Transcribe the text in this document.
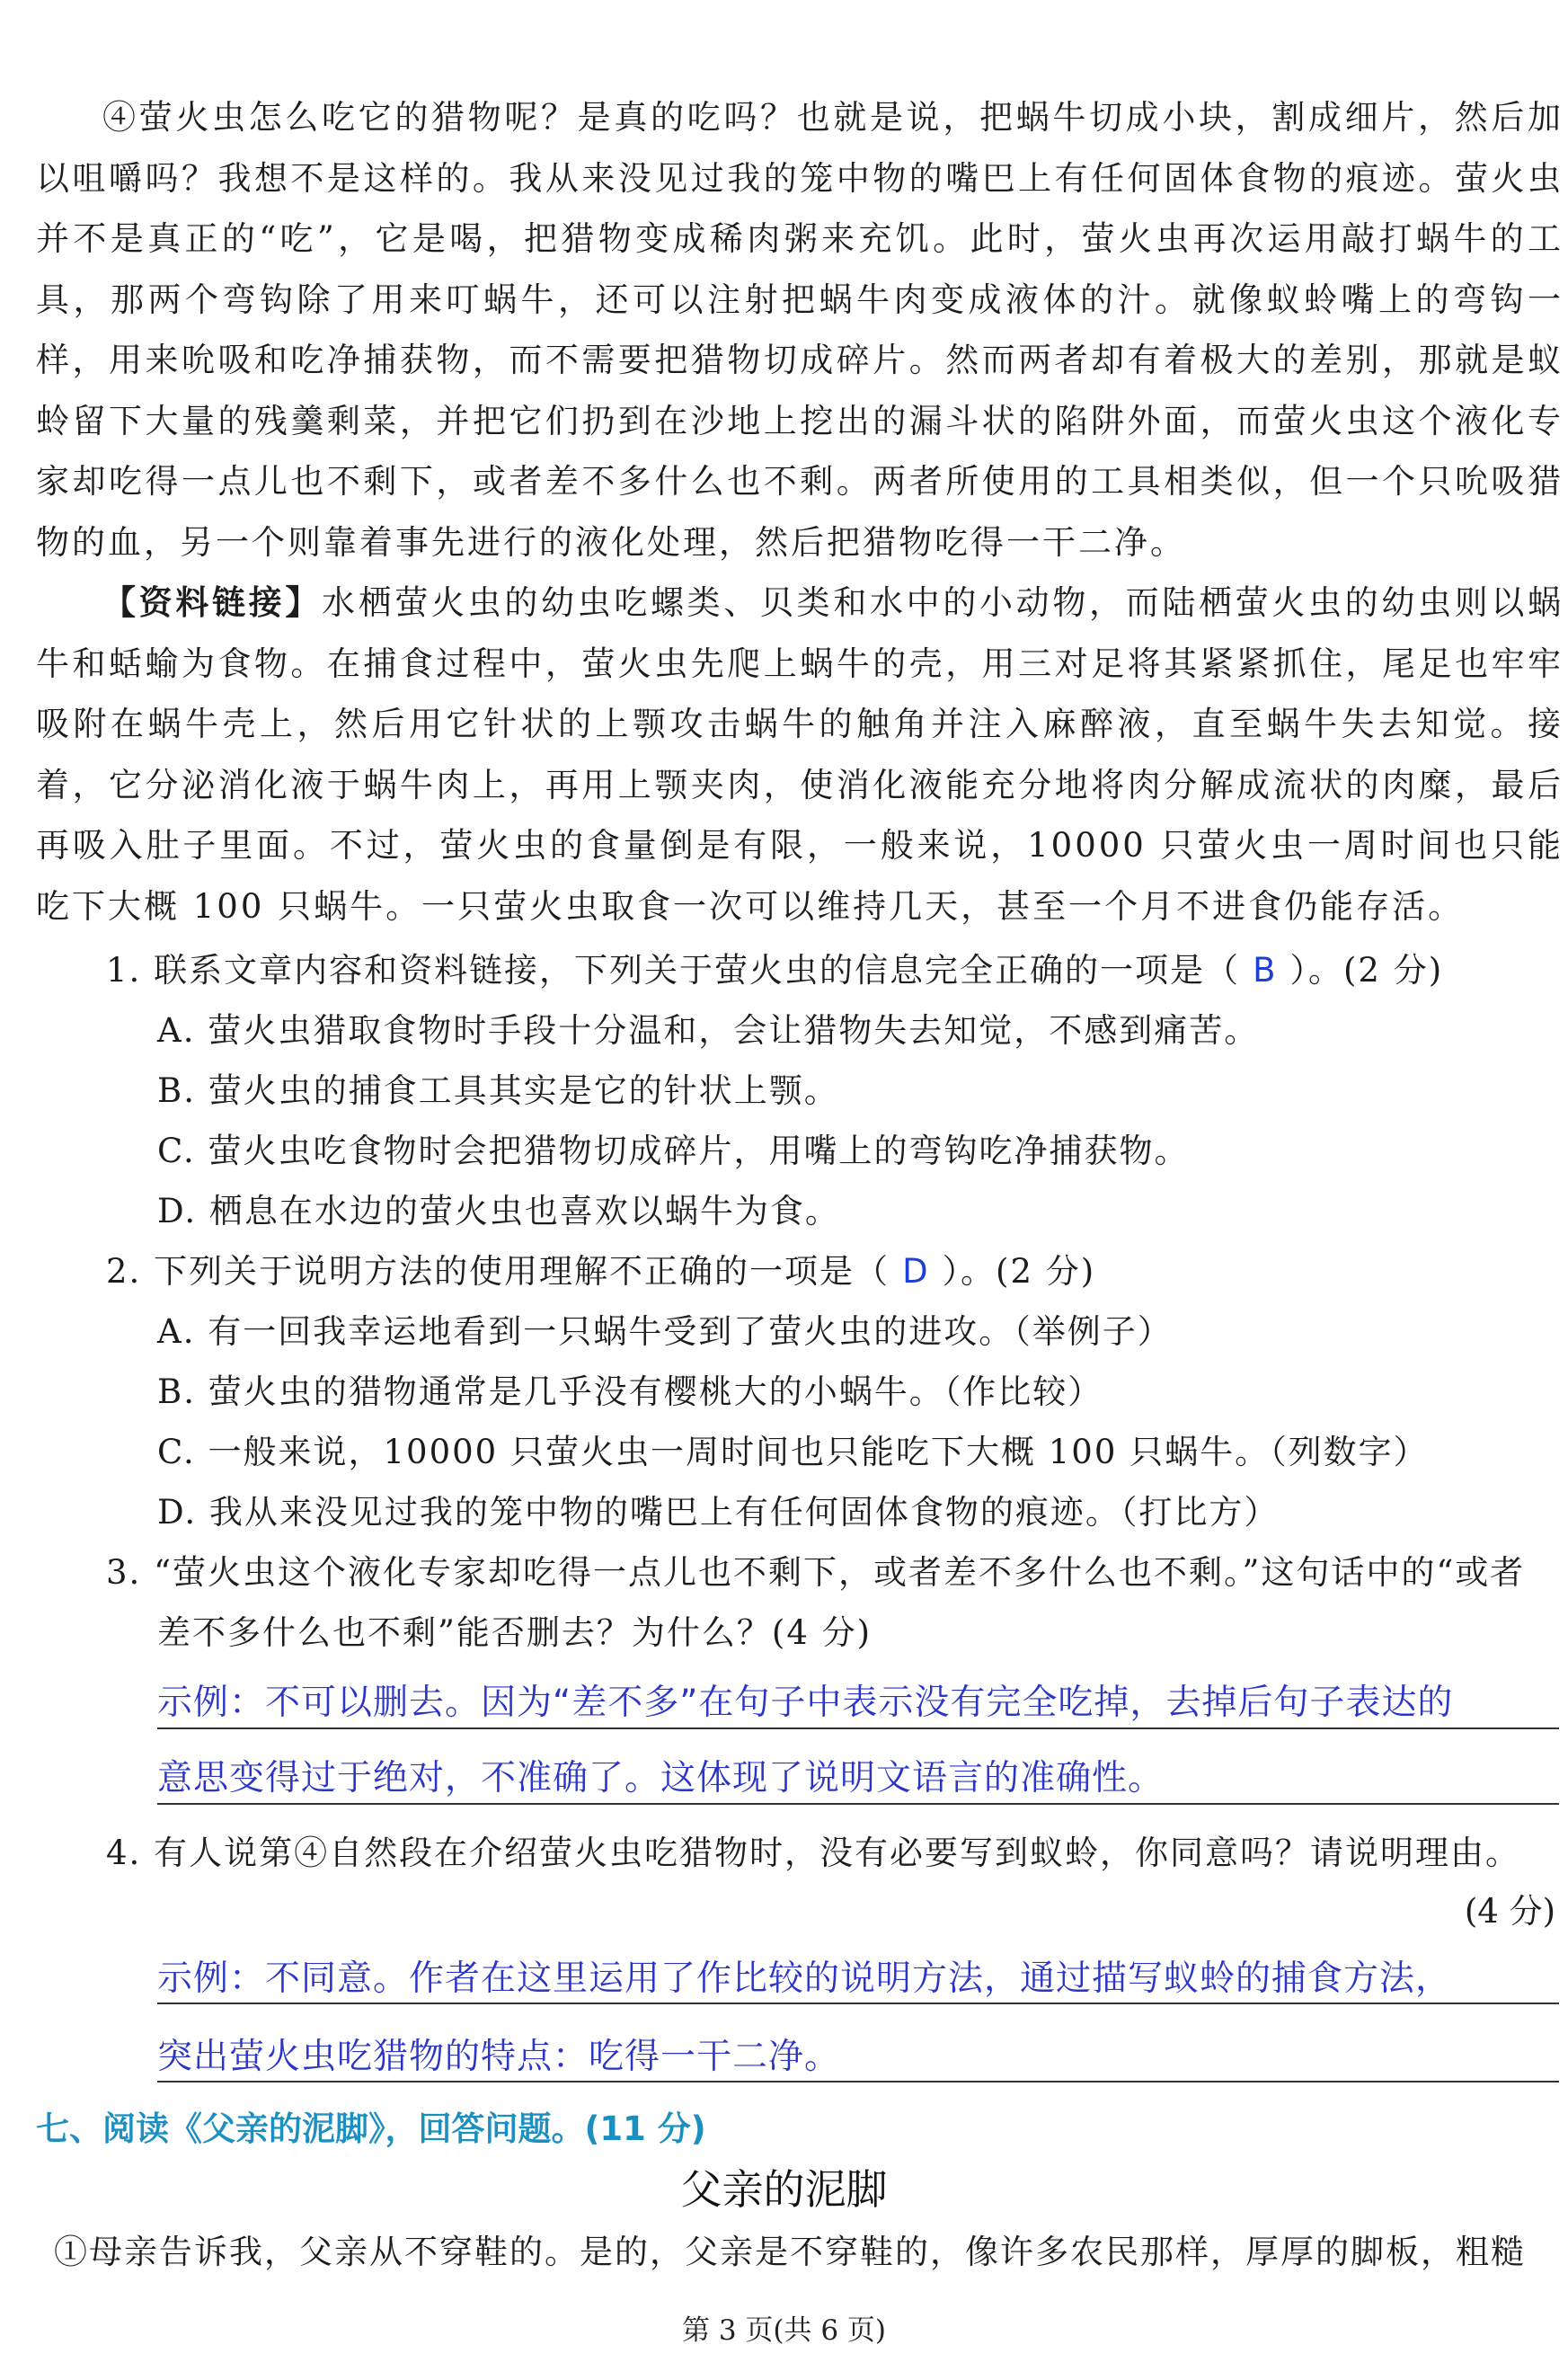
④萤火虫怎么吃它的猎物呢？是真的吃吗？也就是说，把蜗牛切成小块，割成细片，然后加以咀嚼吗？我想不是这样的。我从来没见过我的笼中物的嘴巴上有任何固体食物的痕迹。萤火虫并不是真正的“吃”，它是喝，把猎物变成稀肉粥来充饥。此时，萤火虫再次运用敲打蜗牛的工具，那两个弯钩除了用来叮蜗牛，还可以注射把蜗牛肉变成液体的汁。就像蚁蛉嘴上的弯钩一样，用来吮吸和吃净捕获物，而不需要把猎物切成碎片。然而两者却有着极大的差别，那就是蚁蛉留下大量的残羹剩菜，并把它们扔到在沙地上挖出的漏斗状的陷阱外面，而萤火虫这个液化专家却吃得一点儿也不剩下，或者差不多什么也不剩。两者所使用的工具相类似，但一个只吮吸猎物的血，另一个则靠着事先进行的液化处理，然后把猎物吃得一干二净。

【资料链接】水栖萤火虫的幼虫吃螺类、贝类和水中的小动物，而陆栖萤火虫的幼虫则以蜗牛和蛞蝓为食物。在捕食过程中，萤火虫先爬上蜗牛的壳，用三对足将其紧紧抓住，尾足也牢牢吸附在蜗牛壳上，然后用它针状的上颚攻击蜗牛的触角并注入麻醉液，直至蜗牛失去知觉。接着，它分泌消化液于蜗牛肉上，再用上颚夹肉，使消化液能充分地将肉分解成流状的肉糜，最后再吸入肚子里面。不过，萤火虫的食量倒是有限，一般来说，10000 只萤火虫一周时间也只能吃下大概 100 只蜗牛。一只萤火虫取食一次可以维持几天，甚至一个月不进食仍能存活。

1. 联系文章内容和资料链接，下列关于萤火虫的信息完全正确的一项是（ B ）。(2 分)

A. 萤火虫猎取食物时手段十分温和，会让猎物失去知觉，不感到痛苦。

B. 萤火虫的捕食工具其实是它的针状上颚。

C. 萤火虫吃食物时会把猎物切成碎片，用嘴上的弯钩吃净捕获物。

D. 栖息在水边的萤火虫也喜欢以蜗牛为食。

2. 下列关于说明方法的使用理解不正确的一项是（ D ）。(2 分)

A. 有一回我幸运地看到一只蜗牛受到了萤火虫的进攻。（举例子）

B. 萤火虫的猎物通常是几乎没有樱桃大的小蜗牛。（作比较）

C. 一般来说，10000 只萤火虫一周时间也只能吃下大概 100 只蜗牛。（列数字）

D. 我从来没见过我的笼中物的嘴巴上有任何固体食物的痕迹。（打比方）

3. “萤火虫这个液化专家却吃得一点儿也不剩下，或者差不多什么也不剩。”这句话中的“或者

差不多什么也不剩”能否删去？为什么？(4 分)

示例：不可以删去。因为“差不多”在句子中表示没有完全吃掉，去掉后句子表达的

意思变得过于绝对，不准确了。这体现了说明文语言的准确性。

4. 有人说第④自然段在介绍萤火虫吃猎物时，没有必要写到蚁蛉，你同意吗？请说明理由。

(4 分)

示例：不同意。作者在这里运用了作比较的说明方法，通过描写蚁蛉的捕食方法，

突出萤火虫吃猎物的特点：吃得一干二净。

七、阅读《父亲的泥脚》，回答问题。(11 分)

父亲的泥脚

①母亲告诉我，父亲从不穿鞋的。是的，父亲是不穿鞋的，像许多农民那样，厚厚的脚板，粗糙

第 3 页(共 6 页)
